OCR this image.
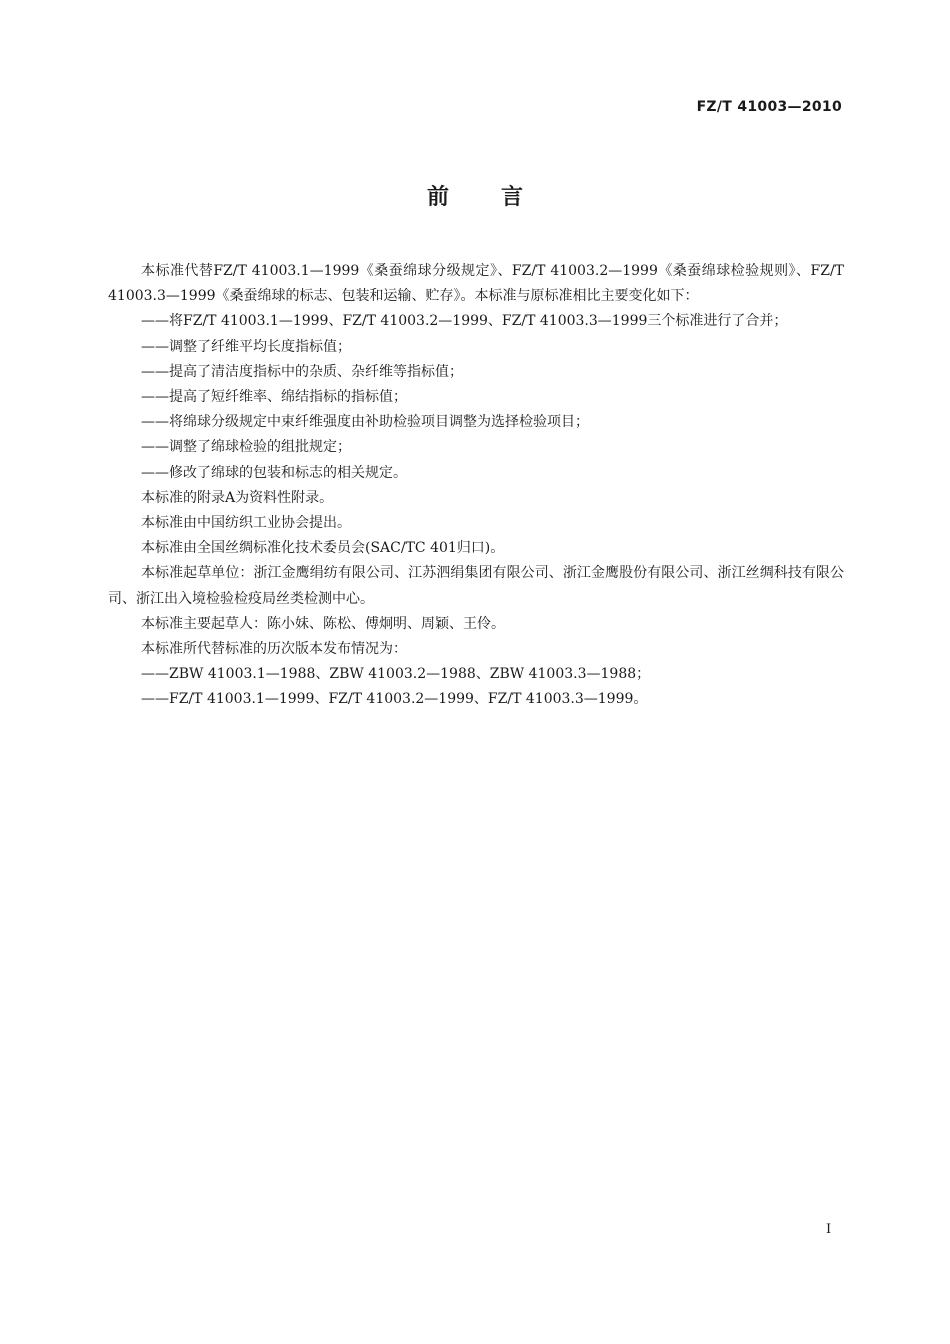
FZ/T 41003—2010
前言

本标准代替FZ/T 41003.1—1999《桑蚕绵球分级规定》、FZ/T 41003.2—1999《桑蚕绵球检验规则》、FZ/T 41003.3—1999《桑蚕绵球的标志、包装和运输、贮存》。本标准与原标准相比主要变化如下：

——将FZ/T 41003.1—1999、FZ/T 41003.2—1999、FZ/T 41003.3—1999三个标准进行了合并；

——调整了纤维平均长度指标值；

——提高了清洁度指标中的杂质、杂纤维等指标值；

——提高了短纤维率、绵结指标的指标值；

——将绵球分级规定中束纤维强度由补助检验项目调整为选择检验项目；

——调整了绵球检验的组批规定；

——修改了绵球的包装和标志的相关规定。

本标准的附录A为资料性附录。

本标准由中国纺织工业协会提出。

本标准由全国丝绸标准化技术委员会(SAC/TC 401归口)。

本标准起草单位：浙江金鹰绢纺有限公司、江苏泗绢集团有限公司、浙江金鹰股份有限公司、浙江丝绸科技有限公司、浙江出入境检验检疫局丝类检测中心。

本标准主要起草人：陈小妹、陈松、傅炯明、周颖、王伶。

本标准所代替标准的历次版本发布情况为：

——ZBW 41003.1—1988、ZBW 41003.2—1988、ZBW 41003.3—1988；

——FZ/T 41003.1—1999、FZ/T 41003.2—1999、FZ/T 41003.3—1999。

I
